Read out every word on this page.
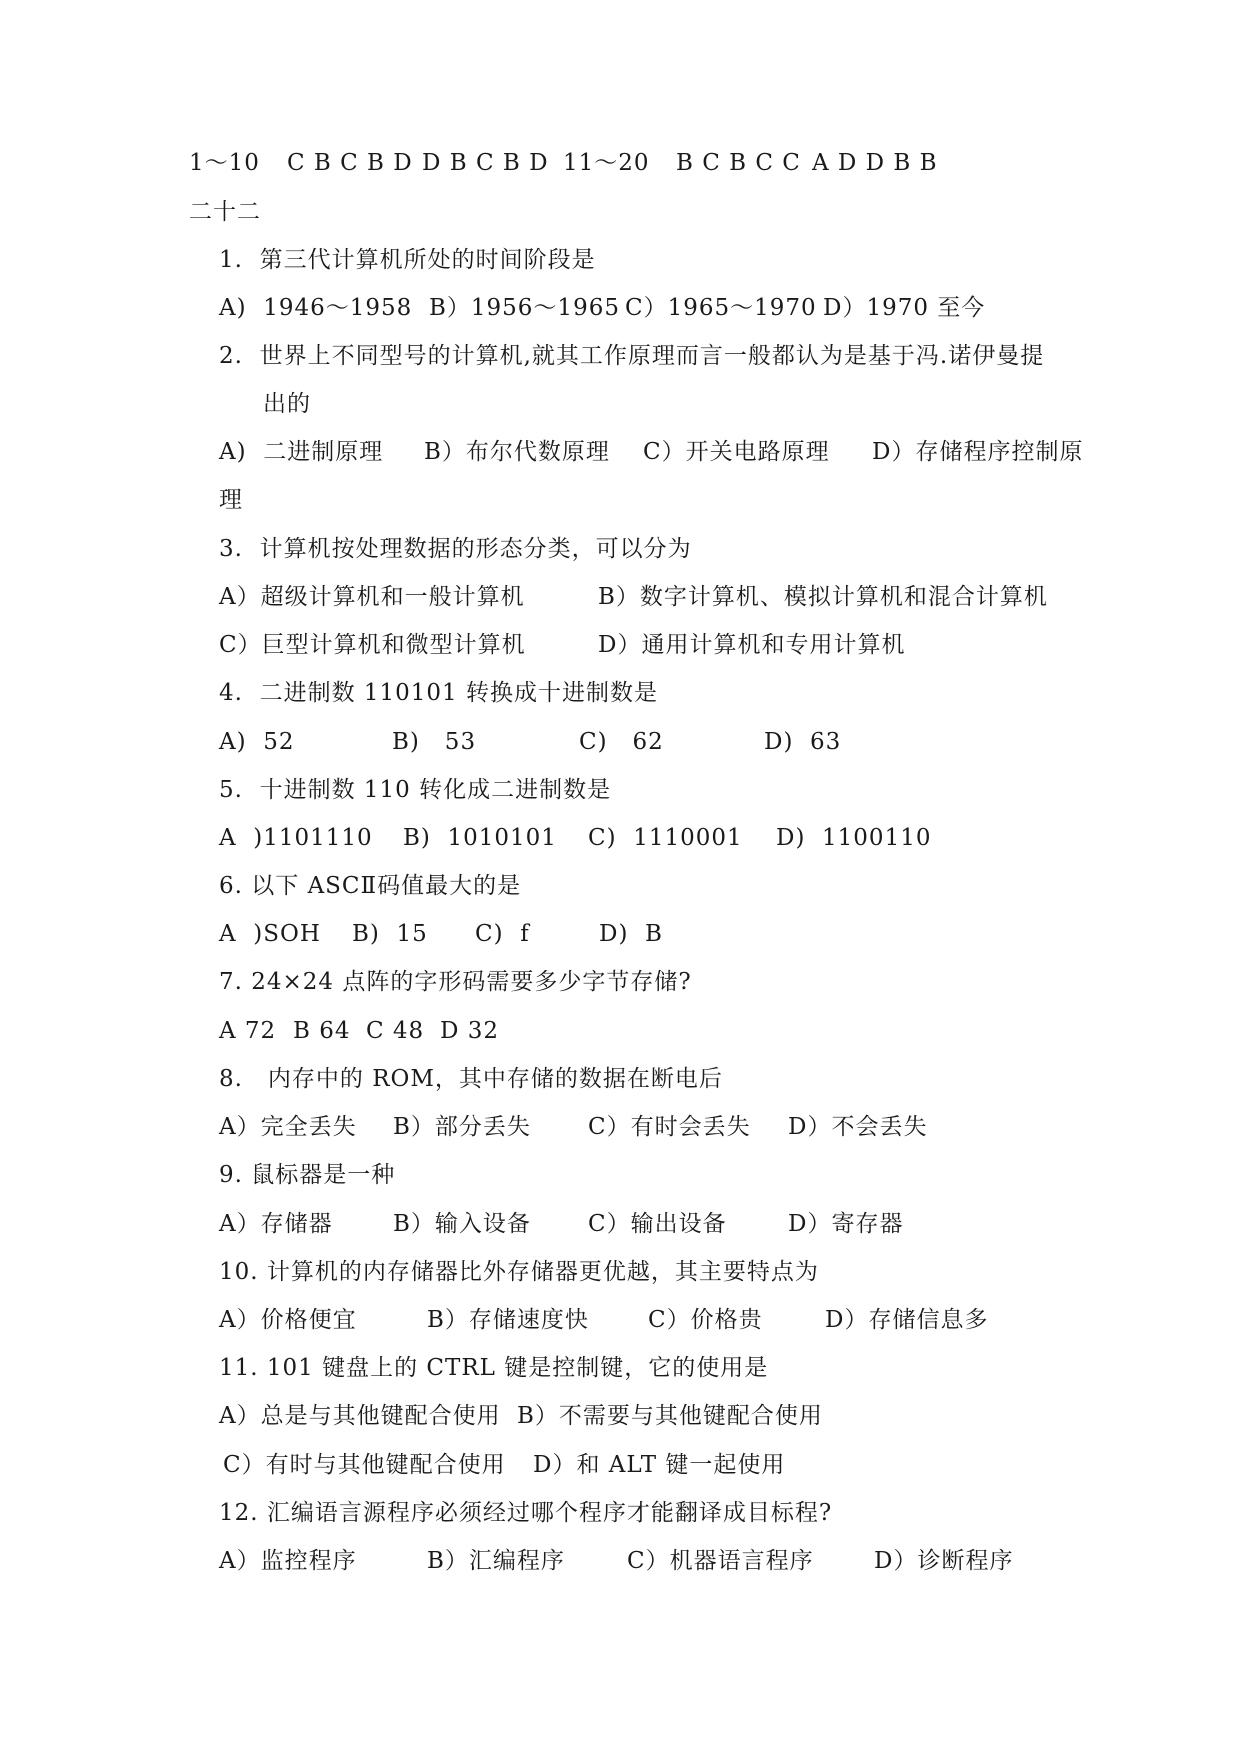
1～10

C B C B D

D B C B D

11～20

B C B C C

A D D B B

二十二
1.  第三代计算机所处的时间阶段是

A)  1946～1958

B）1956～1965

C）1965～1970

D）1970 至今

2.  世界上不同型号的计算机,就其工作原理而言一般都认为是基于冯.诺伊曼提
出的

A)  二进制原理

B）布尔代数原理

C）开关电路原理

D）存储程序控制原

理
3.  计算机按处理数据的形态分类，可以分为

A）超级计算机和一般计算机

	B）数字计算机、模拟计算机和混合计算机

C）巨型计算机和微型计算机

	D）通用计算机和专用计算机

4.  二进制数 110101 转换成十进制数是

A)  52

	B)   53

	C)   62

	D)  63

5.  十进制数 110 转化成二进制数是

A  )1101110

B)  1010101

C)  1110001

D)  1100110

6. 以下 ASCⅡ码值最大的是

A  )SOH

B)  15

C)  f

	D)  B

7. 24×24 点阵的字形码需要多少字节存储?

A 72

B 64

C 48

D 32

8.   内存中的 ROM，其中存储的数据在断电后

A）完全丢失

B）部分丢失

C）有时会丢失

D）不会丢失

9. 鼠标器是一种

A）存储器

	B）输入设备

C）输出设备

	D）寄存器

10. 计算机的内存储器比外存储器更优越，其主要特点为

A）价格便宜

	B）存储速度快

	C）价格贵

	D）存储信息多

11. 101 键盘上的 CTRL 键是控制键，它的使用是

A）总是与其他键配合使用

B）不需要与其他键配合使用

C）有时与其他键配合使用

D）和 ALT 键一起使用

12. 汇编语言源程序必须经过哪个程序才能翻译成目标程?

A）监控程序

	B）汇编程序

	C）机器语言程序

	D）诊断程序
